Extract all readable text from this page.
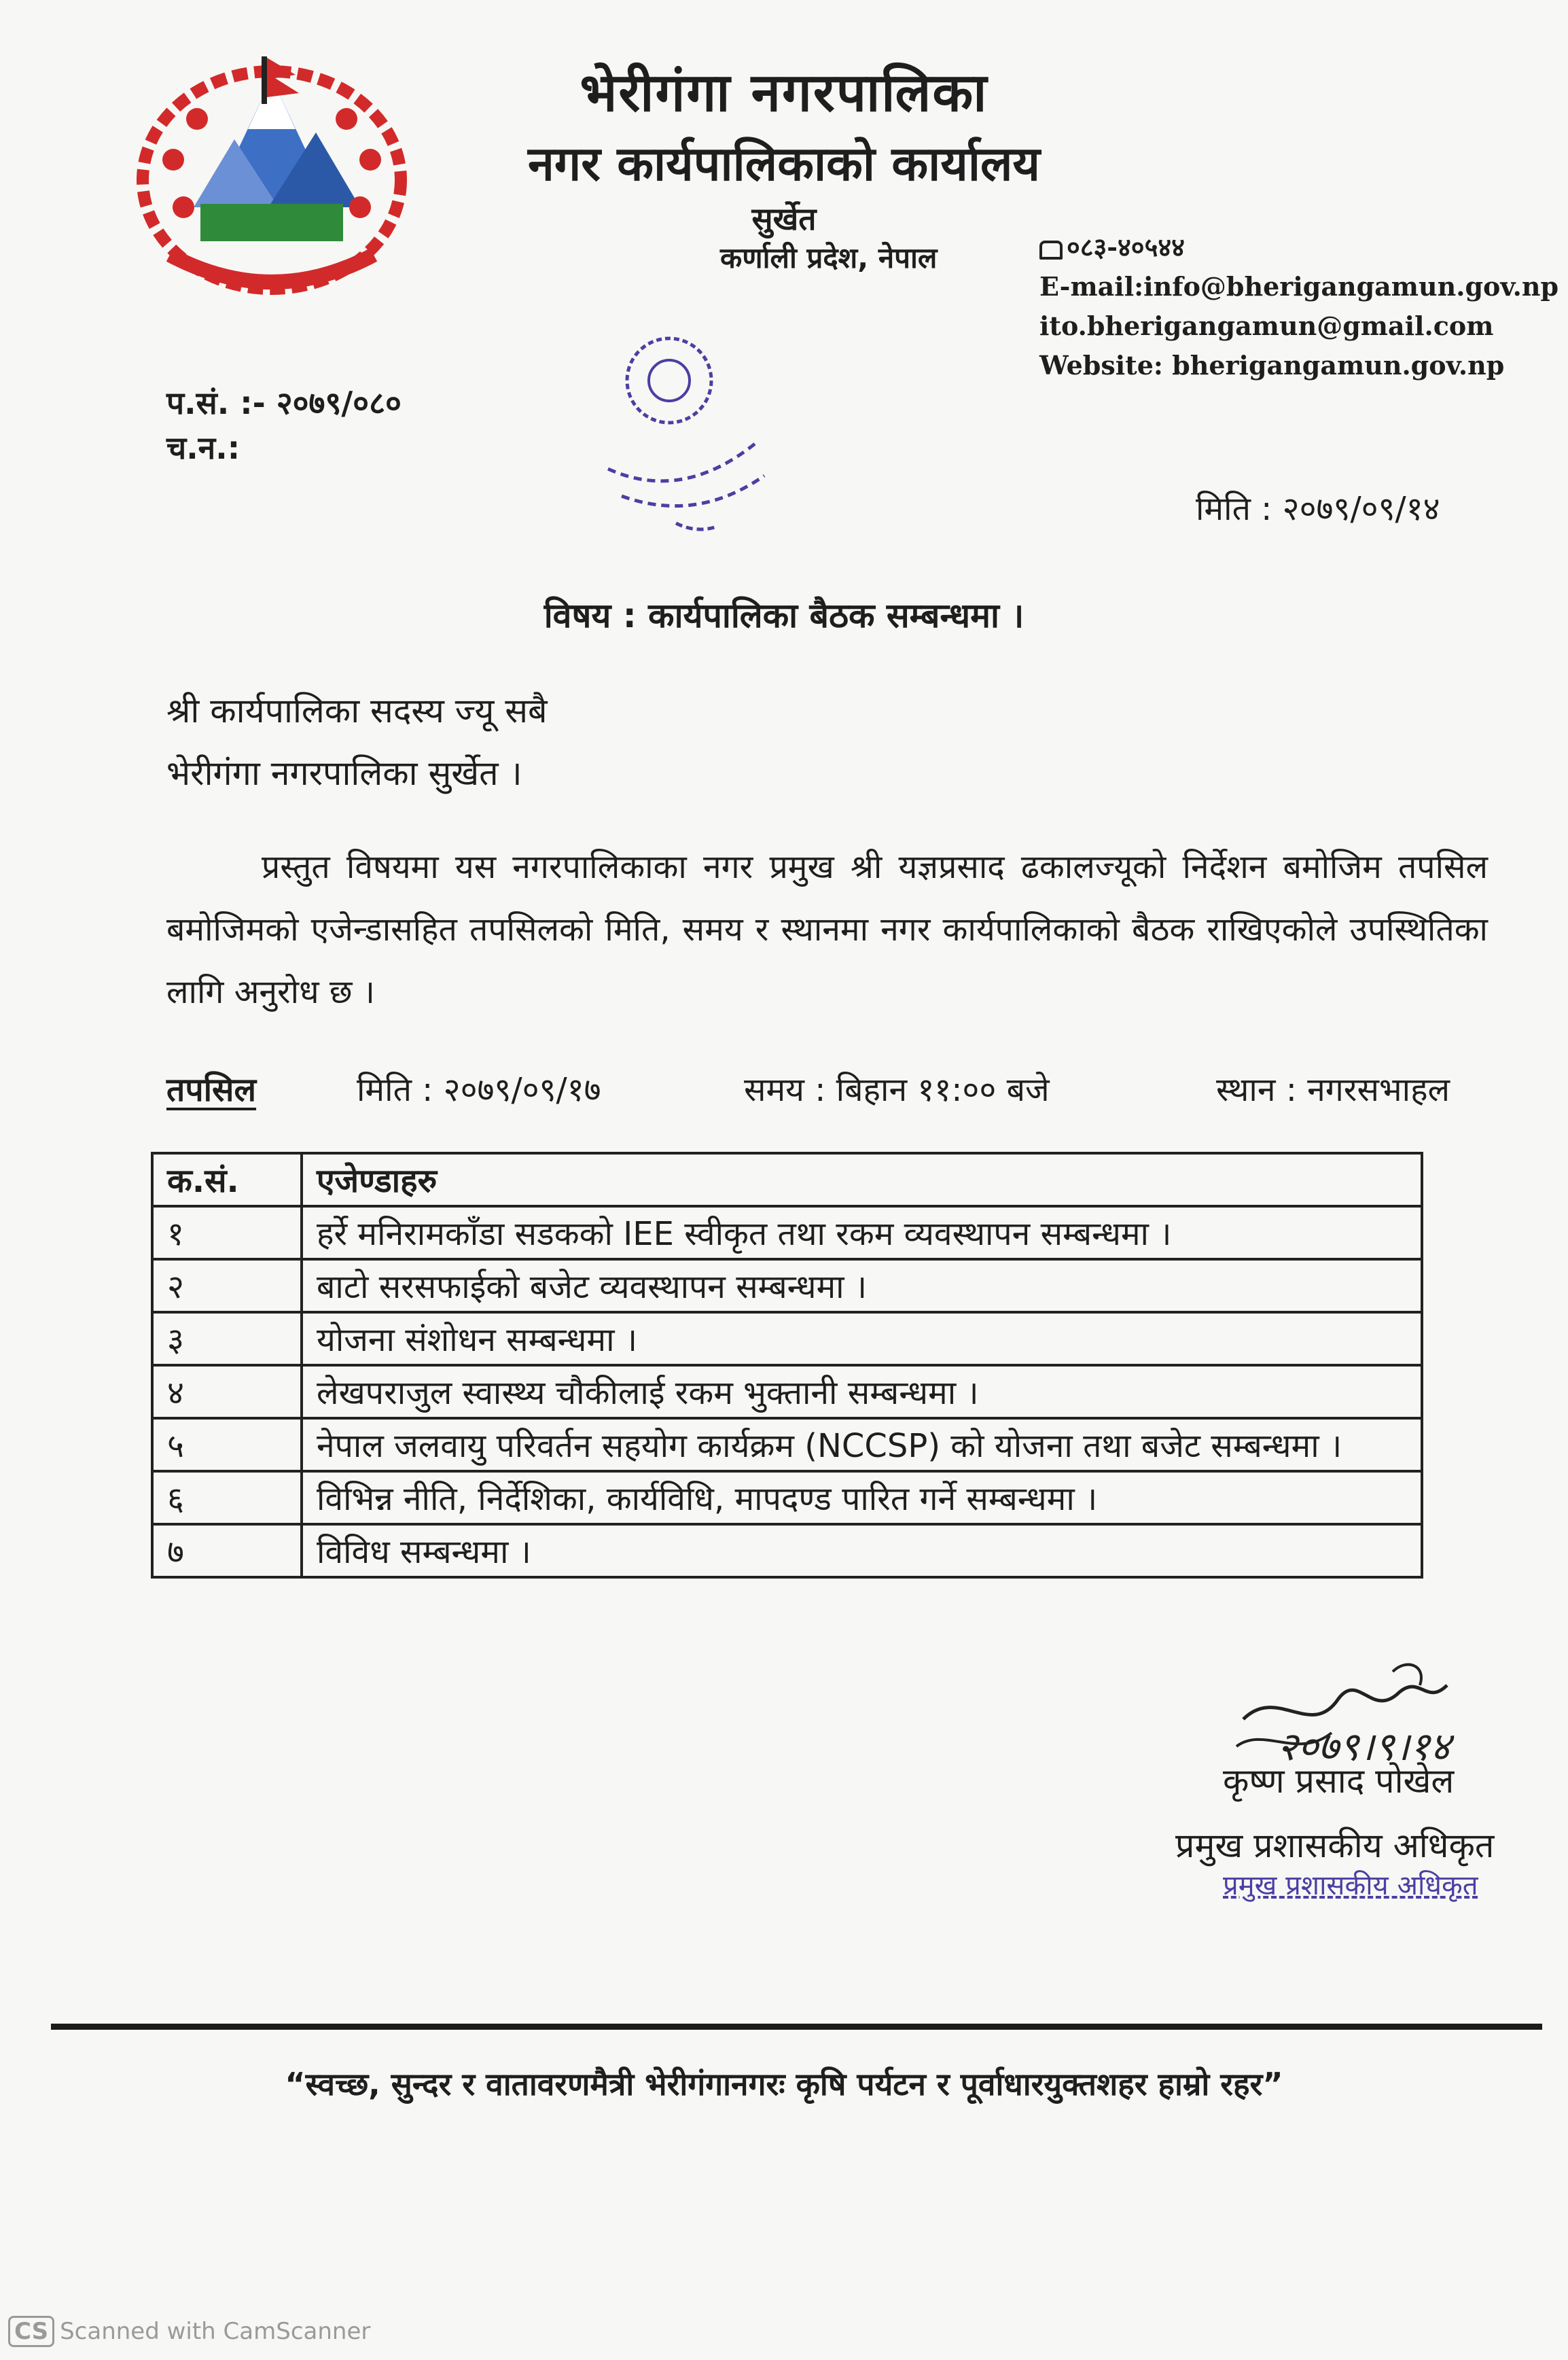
भेरीगंगा नगरपालिका
नगर कार्यपालिकाको कार्यालय
सुर्खेत
कर्णाली प्रदेश, नेपाल	०८३-४०५४४
E-mail:info@bherigangamun.gov.np
ito.bherigangamun@gmail.com
Website: bherigangamun.gov.np
प.सं. :- २०७९/०८०
च.न.:
मिति : २०७९/०९/१४
विषय : कार्यपालिका बैठक सम्बन्धमा ।
श्री कार्यपालिका सदस्य ज्यू सबै
भेरीगंगा नगरपालिका सुर्खेत ।
प्रस्तुत विषयमा यस नगरपालिकाका नगर प्रमुख श्री यज्ञप्रसाद ढकालज्यूको निर्देशन बमोजिम तपसिल बमोजिमको एजेन्डासहित तपसिलको मिति, समय र स्थानमा नगर कार्यपालिकाको बैठक राखिएकोले उपस्थितिका लागि अनुरोध छ ।
तपसिल	मिति : २०७९/०९/१७	समय : बिहान ११:०० बजे	स्थान : नगरसभाहल
क.सं.	एजेण्डाहरु
१	हर्रे मनिरामकाँडा सडकको IEE स्वीकृत तथा रकम व्यवस्थापन सम्बन्धमा ।
२	बाटो सरसफाईको बजेट व्यवस्थापन सम्बन्धमा ।
३	योजना संशोधन सम्बन्धमा ।
४	लेखपराजुल स्वास्थ्य चौकीलाई रकम भुक्तानी सम्बन्धमा ।
५	नेपाल जलवायु परिवर्तन सहयोग कार्यक्रम (NCCSP) को योजना तथा बजेट सम्बन्धमा ।
६	विभिन्न नीति, निर्देशिका, कार्यविधि, मापदण्ड पारित गर्ने सम्बन्धमा ।
७	विविध सम्बन्धमा ।
२०७९।९।१४
कृष्ण प्रसाद पोखेल
प्रमुख प्रशासकीय अधिकृत
प्रमुख प्रशासकीय अधिकृत
“स्वच्छ, सुन्दर र वातावरणमैत्री भेरीगंगानगरः कृषि पर्यटन र पूर्वाधारयुक्तशहर हाम्रो रहर”
CS Scanned with CamScanner
